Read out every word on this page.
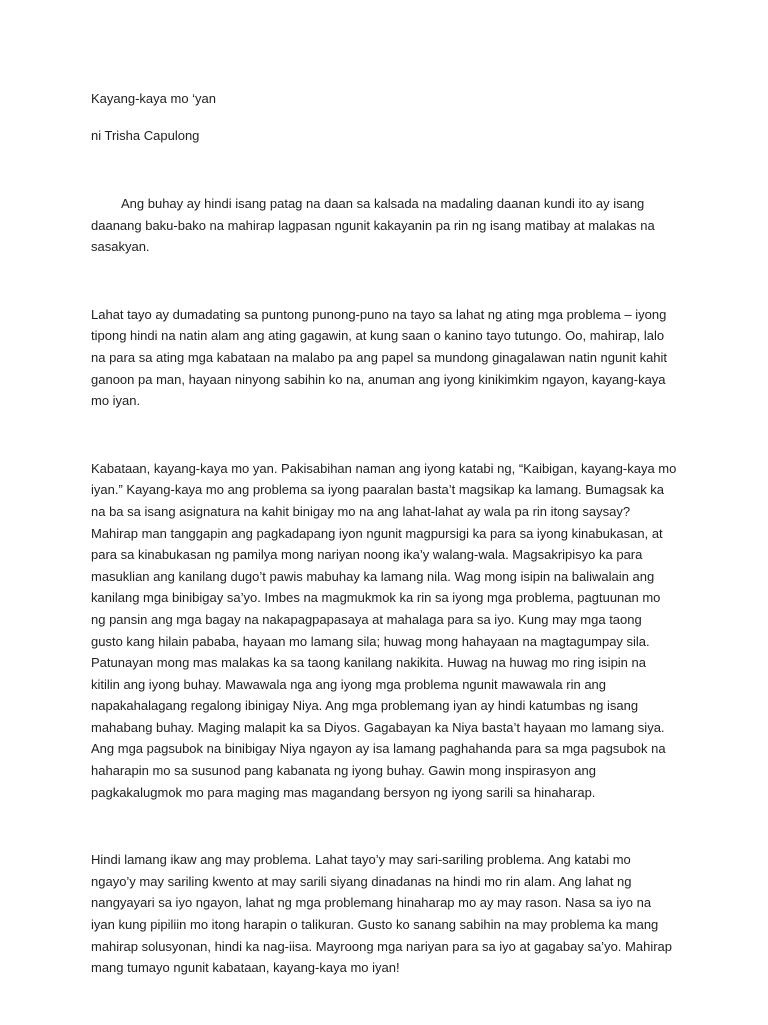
Kayang-kaya mo ‘yan

ni Trisha Capulong

Ang buhay ay hindi isang patag na daan sa kalsada na madaling daanan kundi ito ay isang daanang baku-bako na mahirap lagpasan ngunit kakayanin pa rin ng isang matibay at malakas na sasakyan.

Lahat tayo ay dumadating sa puntong punong-puno na tayo sa lahat ng ating mga problema – iyong tipong hindi na natin alam ang ating gagawin, at kung saan o kanino tayo tutungo. Oo, mahirap, lalo na para sa ating mga kabataan na malabo pa ang papel sa mundong ginagalawan natin ngunit kahit ganoon pa man, hayaan ninyong sabihin ko na, anuman ang iyong kinikimkim ngayon, kayang-kaya mo iyan.

Kabataan, kayang-kaya mo yan. Pakisabihan naman ang iyong katabi ng, “Kaibigan, kayang-kaya mo iyan.” Kayang-kaya mo ang problema sa iyong paaralan basta’t magsikap ka lamang. Bumagsak ka na ba sa isang asignatura na kahit binigay mo na ang lahat-lahat ay wala pa rin itong saysay? Mahirap man tanggapin ang pagkadapang iyon ngunit magpursigi ka para sa iyong kinabukasan, at para sa kinabukasan ng pamilya mong nariyan noong ika’y walang-wala. Magsakripisyo ka para masuklian ang kanilang dugo’t pawis mabuhay ka lamang nila. Wag mong isipin na baliwalain ang kanilang mga binibigay sa’yo. Imbes na magmukmok ka rin sa iyong mga problema, pagtuunan mo ng pansin ang mga bagay na nakapagpapasaya at mahalaga para sa iyo. Kung may mga taong gusto kang hilain pababa, hayaan mo lamang sila; huwag mong hahayaan na magtagumpay sila. Patunayan mong mas malakas ka sa taong kanilang nakikita. Huwag na huwag mo ring isipin na kitilin ang iyong buhay. Mawawala nga ang iyong mga problema ngunit mawawala rin ang napakahalagang regalong ibinigay Niya. Ang mga problemang iyan ay hindi katumbas ng isang mahabang buhay. Maging malapit ka sa Diyos. Gagabayan ka Niya basta’t hayaan mo lamang siya. Ang mga pagsubok na binibigay Niya ngayon ay isa lamang paghahanda para sa mga pagsubok na haharapin mo sa susunod pang kabanata ng iyong buhay. Gawin mong inspirasyon ang pagkakalugmok mo para maging mas magandang bersyon ng iyong sarili sa hinaharap.

Hindi lamang ikaw ang may problema. Lahat tayo’y may sari-sariling problema. Ang katabi mo ngayo’y may sariling kwento at may sarili siyang dinadanas na hindi mo rin alam. Ang lahat ng nangyayari sa iyo ngayon, lahat ng mga problemang hinaharap mo ay may rason. Nasa sa iyo na iyan kung pipiliin mo itong harapin o talikuran. Gusto ko sanang sabihin na may problema ka mang mahirap solusyonan, hindi ka nag-iisa. Mayroong mga nariyan para sa iyo at gagabay sa’yo. Mahirap mang tumayo ngunit kabataan, kayang-kaya mo iyan!
